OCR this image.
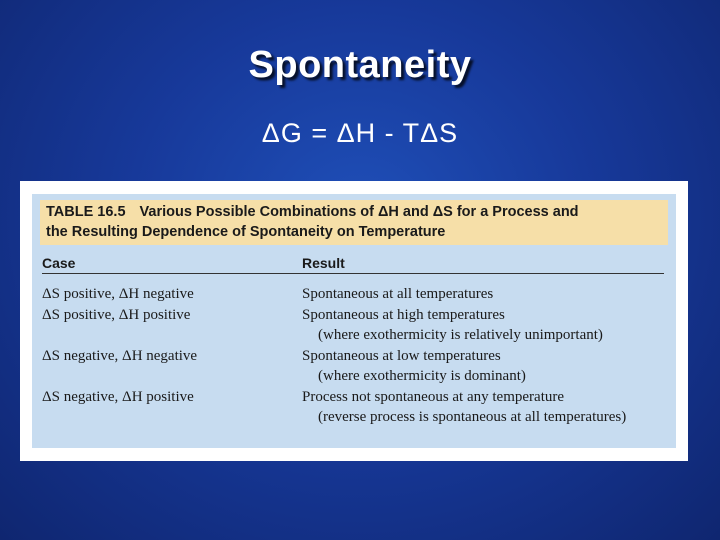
Spontaneity
ΔG = ΔH - TΔS
TABLE 16.5 Various Possible Combinations of ΔH and ΔS for a Process and
the Resulting Dependence of Spontaneity on Temperature
Case	Result
ΔS positive, ΔH negative	Spontaneous at all temperatures
ΔS positive, ΔH positive	Spontaneous at high temperatures
(where exothermicity is relatively unimportant)
ΔS negative, ΔH negative	Spontaneous at low temperatures
(where exothermicity is dominant)
ΔS negative, ΔH positive	Process not spontaneous at any temperature
(reverse process is spontaneous at all temperatures)
